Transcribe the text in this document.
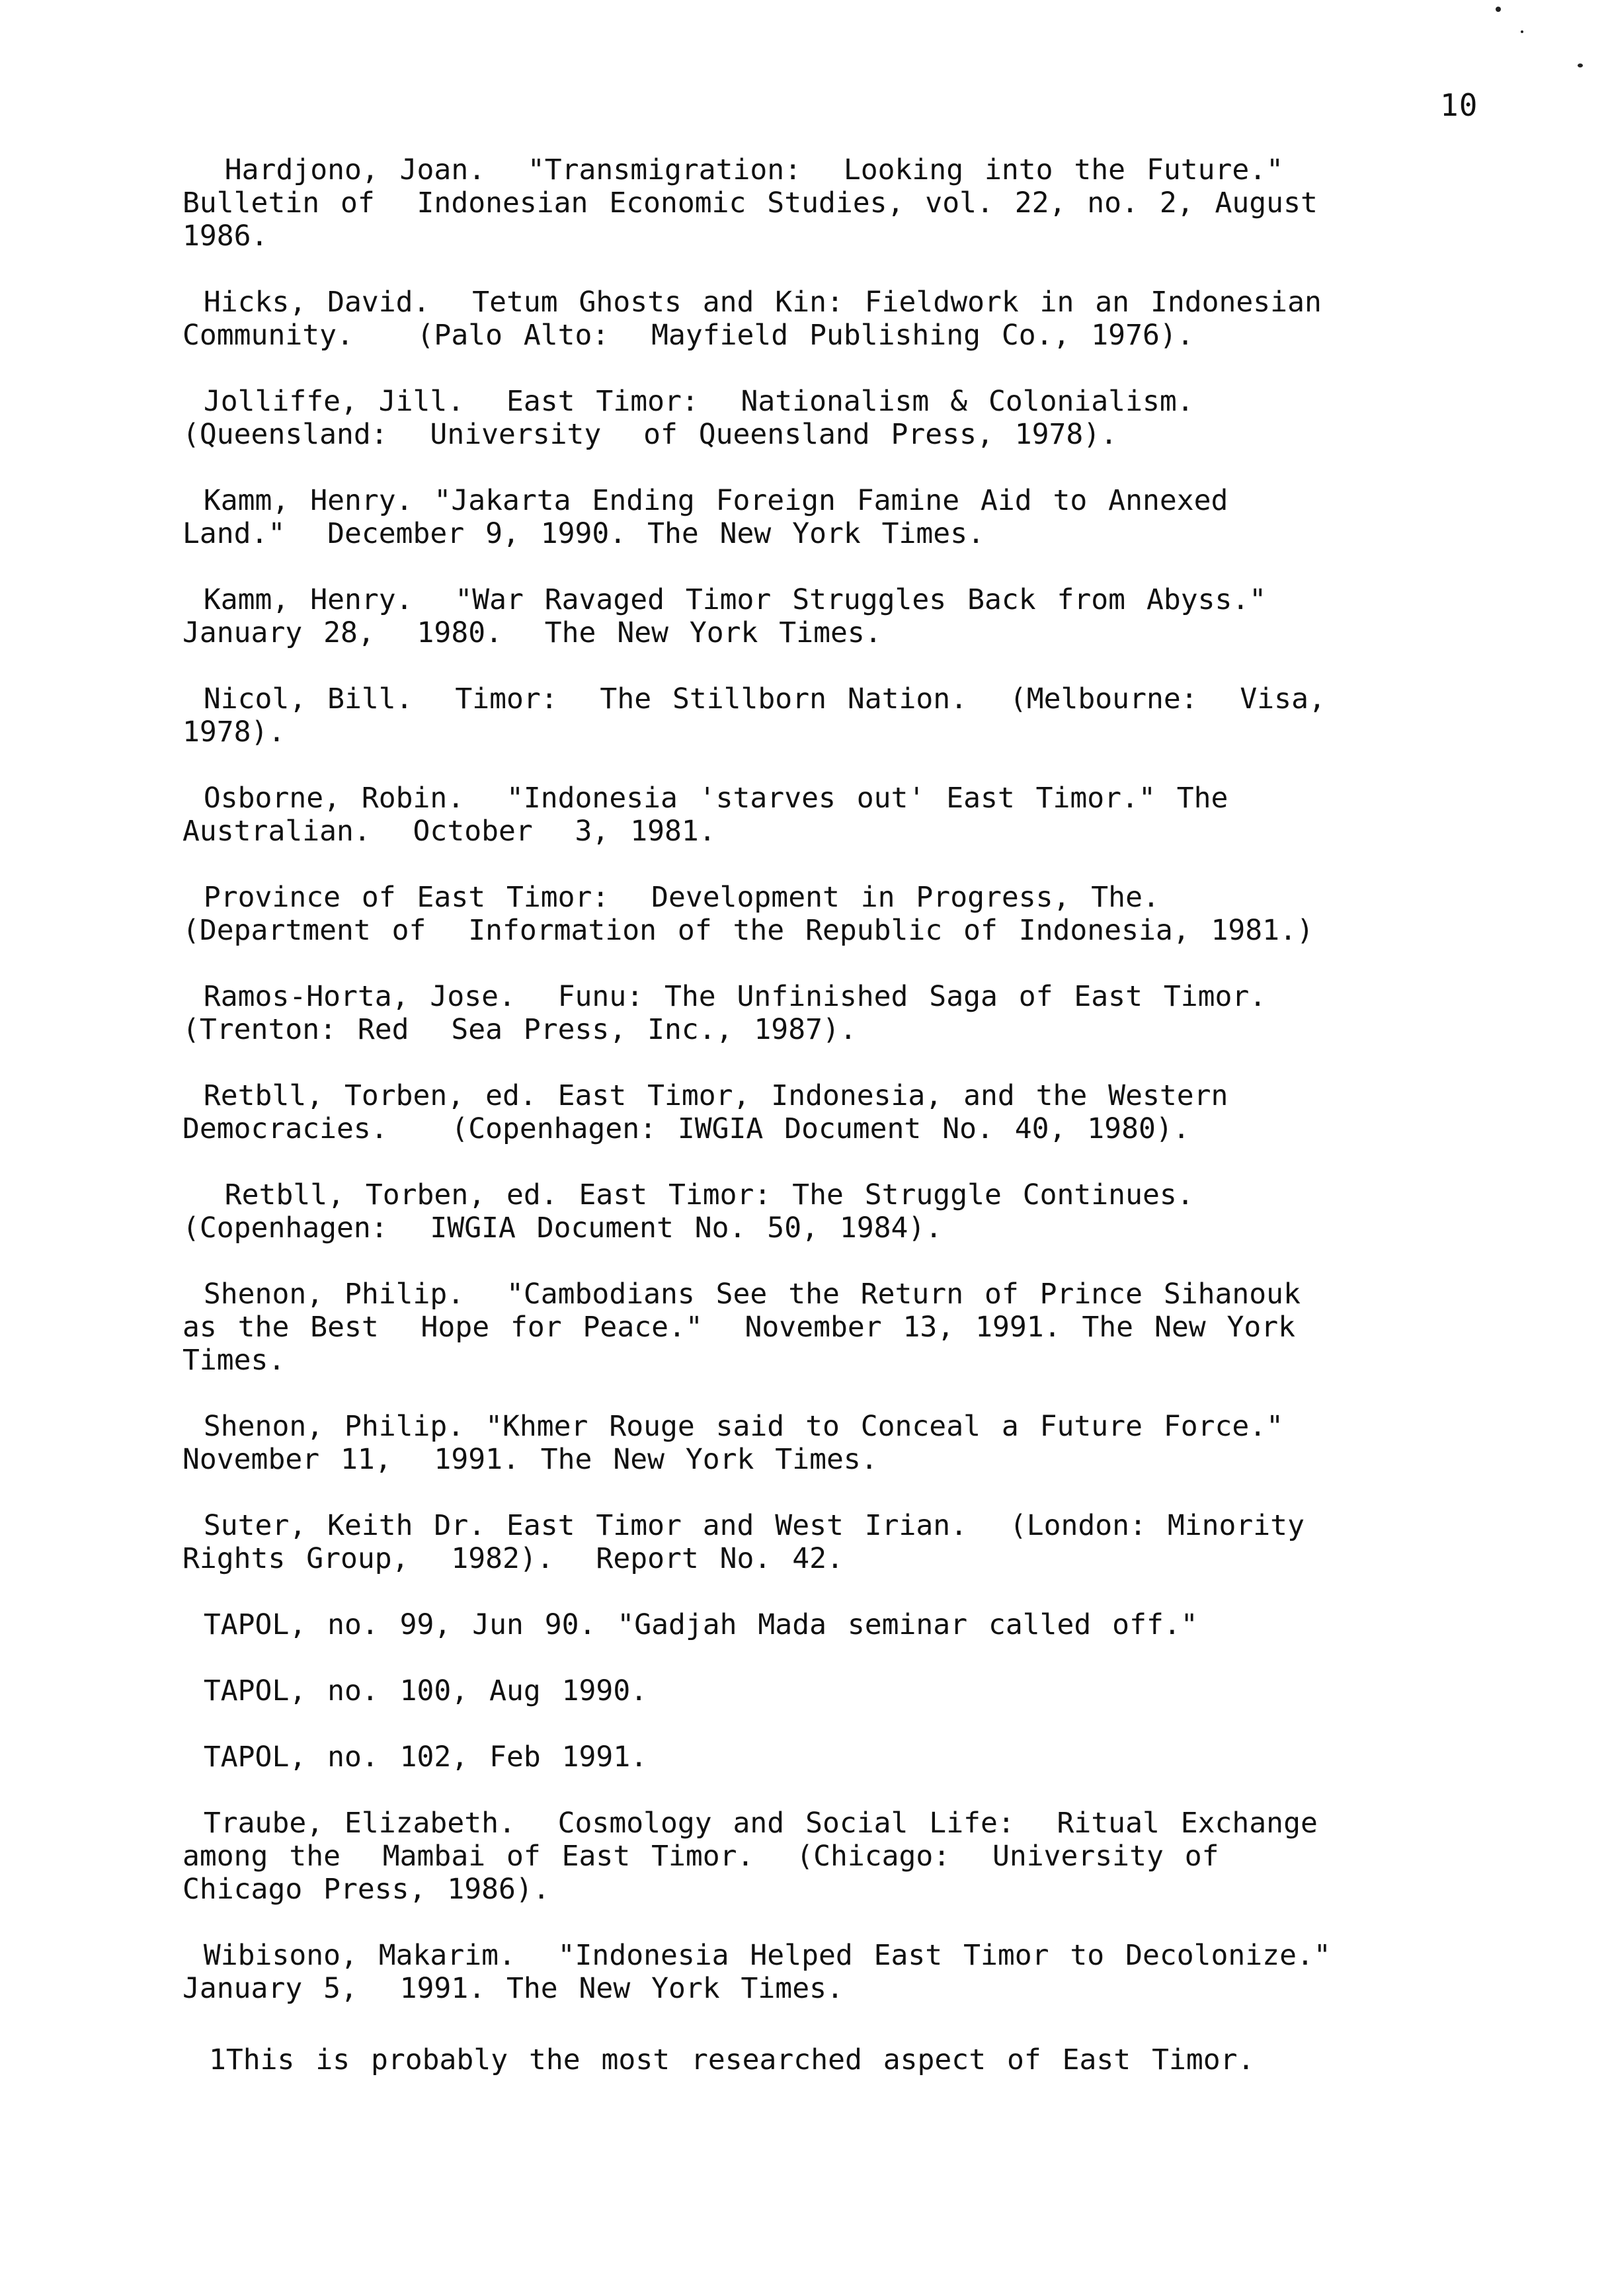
10
Hardjono, Joan.  "Transmigration:  Looking into the Future."
Bulletin of  Indonesian Economic Studies, vol. 22, no. 2, August
1986.
Hicks, David.  Tetum Ghosts and Kin: Fieldwork in an Indonesian
Community.   (Palo Alto:  Mayfield Publishing Co., 1976).
Jolliffe, Jill.  East Timor:  Nationalism & Colonialism.
(Queensland:  University  of Queensland Press, 1978).
Kamm, Henry. "Jakarta Ending Foreign Famine Aid to Annexed
Land."  December 9, 1990. The New York Times.
Kamm, Henry.  "War Ravaged Timor Struggles Back from Abyss."
January 28,  1980.  The New York Times.
Nicol, Bill.  Timor:  The Stillborn Nation.  (Melbourne:  Visa,
1978).
Osborne, Robin.  "Indonesia 'starves out' East Timor." The
Australian.  October  3, 1981.
Province of East Timor:  Development in Progress, The.
(Department of  Information of the Republic of Indonesia, 1981.)
Ramos-Horta, Jose.  Funu: The Unfinished Saga of East Timor.
(Trenton: Red  Sea Press, Inc., 1987).
Retbll, Torben, ed. East Timor, Indonesia, and the Western
Democracies.   (Copenhagen: IWGIA Document No. 40, 1980).
Retbll, Torben, ed. East Timor: The Struggle Continues.
(Copenhagen:  IWGIA Document No. 50, 1984).
Shenon, Philip.  "Cambodians See the Return of Prince Sihanouk
as the Best  Hope for Peace."  November 13, 1991. The New York
Times.
Shenon, Philip. "Khmer Rouge said to Conceal a Future Force."
November 11,  1991. The New York Times.
Suter, Keith Dr. East Timor and West Irian.  (London: Minority
Rights Group,  1982).  Report No. 42.
TAPOL, no. 99, Jun 90. "Gadjah Mada seminar called off."
TAPOL, no. 100, Aug 1990.
TAPOL, no. 102, Feb 1991.
Traube, Elizabeth.  Cosmology and Social Life:  Ritual Exchange
among the  Mambai of East Timor.  (Chicago:  University of
Chicago Press, 1986).
Wibisono, Makarim.  "Indonesia Helped East Timor to Decolonize."
January 5,  1991. The New York Times.
1This is probably the most researched aspect of East Timor.
